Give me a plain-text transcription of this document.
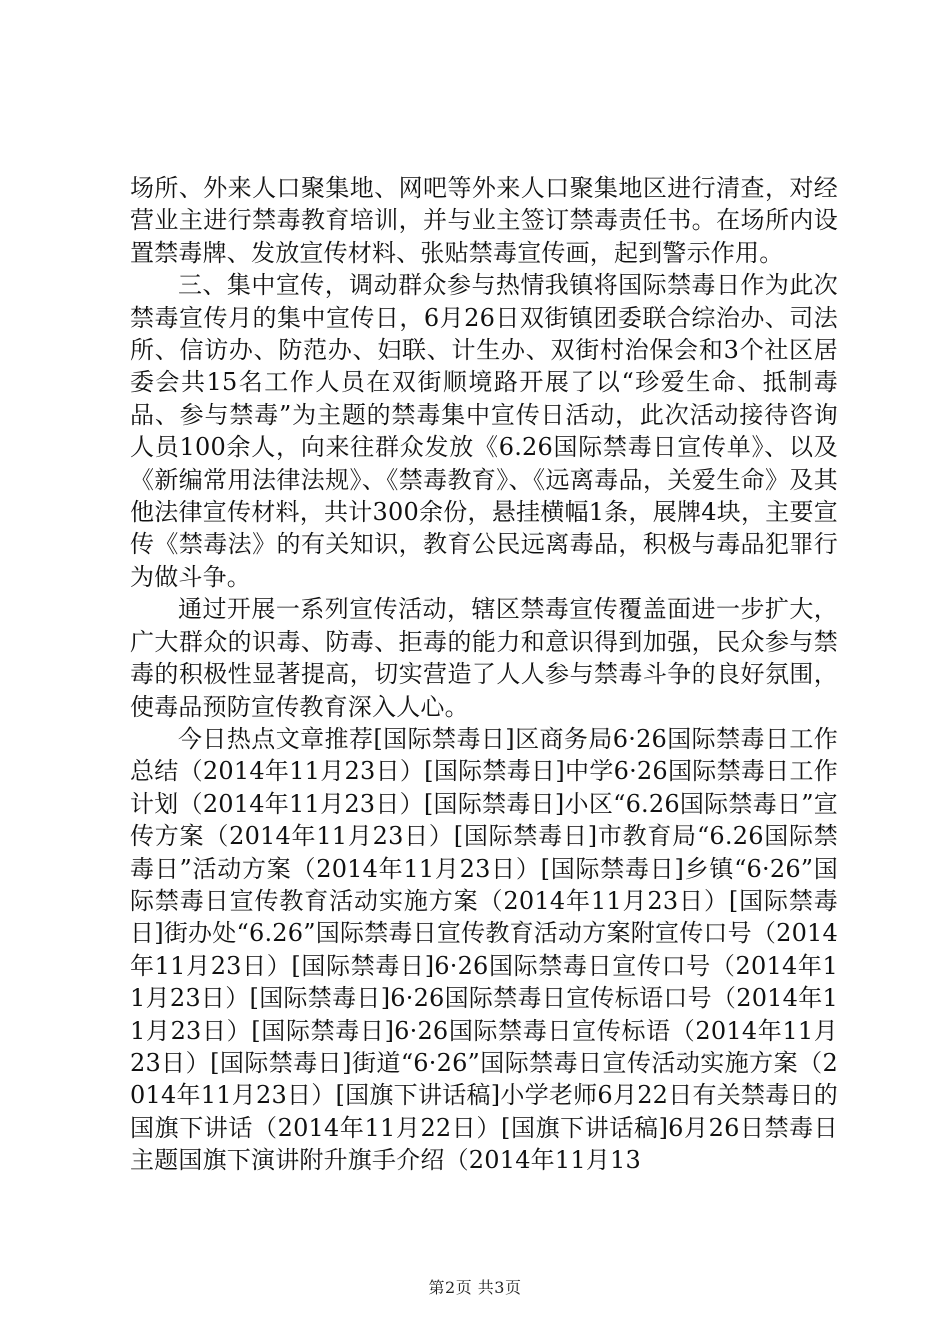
场所、外来人口聚集地、网吧等外来人口聚集地区进行清查，对经营业主进行禁毒教育培训，并与业主签订禁毒责任书。在场所内设置禁毒牌、发放宣传材料、张贴禁毒宣传画，起到警示作用。

三、集中宣传，调动群众参与热情我镇将国际禁毒日作为此次禁毒宣传月的集中宣传日，6月26日双街镇团委联合综治办、司法所、信访办、防范办、妇联、计生办、双街村治保会和3个社区居委会共15名工作人员在双街顺境路开展了以“珍爱生命、抵制毒品、参与禁毒”为主题的禁毒集中宣传日活动，此次活动接待咨询人员100余人，向来往群众发放《6.26国际禁毒日宣传单》、以及《新编常用法律法规》、《禁毒教育》、《远离毒品，关爱生命》及其他法律宣传材料，共计300余份，悬挂横幅1条，展牌4块，主要宣传《禁毒法》的有关知识，教育公民远离毒品，积极与毒品犯罪行为做斗争。

通过开展一系列宣传活动，辖区禁毒宣传覆盖面进一步扩大，广大群众的识毒、防毒、拒毒的能力和意识得到加强，民众参与禁毒的积极性显著提高，切实营造了人人参与禁毒斗争的良好氛围，使毒品预防宣传教育深入人心。

今日热点文章推荐[国际禁毒日]区商务局6·26国际禁毒日工作总结（2014年11月23日）[国际禁毒日]中学6·26国际禁毒日工作计划（2014年11月23日）[国际禁毒日]小区“6.26国际禁毒日”宣传方案（2014年11月23日）[国际禁毒日]市教育局“6.26国际禁毒日”活动方案（2014年11月23日）[国际禁毒日]乡镇“6·26”国际禁毒日宣传教育活动实施方案（2014年11月23日）[国际禁毒日]街办处“6.26”国际禁毒日宣传教育活动方案附宣传口号（2014年11月23日）[国际禁毒日]6·26国际禁毒日宣传口号（2014年11月23日）[国际禁毒日]6·26国际禁毒日宣传标语口号（2014年11月23日）[国际禁毒日]6·26国际禁毒日宣传标语（2014年11月23日）[国际禁毒日]街道“6·26”国际禁毒日宣传活动实施方案（2014年11月23日）[国旗下讲话稿]小学老师6月22日有关禁毒日的国旗下讲话（2014年11月22日）[国旗下讲话稿]6月26日禁毒日主题国旗下演讲附升旗手介绍（2014年11月13

第2页 共3页
